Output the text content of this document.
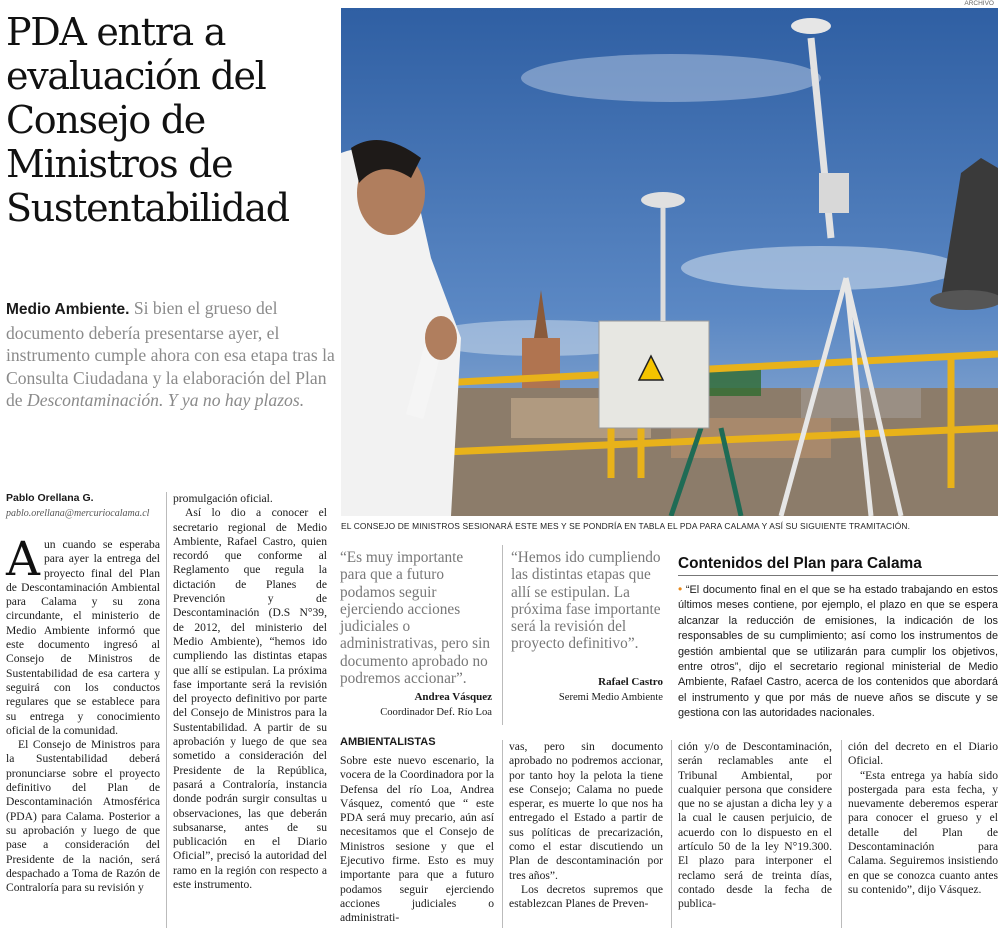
PDA entra a evaluación del Consejo de Ministros de Sustentabilidad

Medio Ambiente. Si bien el grueso del documento debería presentarse ayer, el instrumento cumple ahora con esa etapa tras la Consulta Ciudadana y la elaboración del Plan de Descontaminación. Y ya no hay plazos.

ARCHIVO
EL CONSEJO DE MINISTROS SESIONARÁ ESTE MES Y SE PONDRÍA EN TABLA EL PDA PARA CALAMA Y ASÍ SU SIGUIENTE TRAMITACIÓN.
Pablo Orellana G.
pablo.orellana@mercuriocalama.cl

Aun cuando se esperaba para ayer la entrega del proyecto final del Plan de Descontaminación Ambiental para Calama y su zona circundante, el ministerio de Medio Ambiente informó que este documento ingresó al Consejo de Ministros de Sustentabilidad de esa cartera y seguirá con los conductos regulares que se establece para su entrega y conocimiento oficial de la comunidad.

El Consejo de Ministros para la Sustentabilidad deberá pronunciarse sobre el proyecto definitivo del Plan de Descontaminación Atmosférica (PDA) para Calama. Posterior a su aprobación y luego de que pase a consideración del Presidente de la nación, será despachado a Toma de Razón de Contraloría para su revisión y

promulgación oficial.

Así lo dio a conocer el secretario regional de Medio Ambiente, Rafael Castro, quien recordó que conforme al Reglamento que regula la dictación de Planes de Prevención y de Descontaminación (D.S N°39, de 2012, del ministerio del Medio Ambiente), “hemos ido cumpliendo las distintas etapas que allí se estipulan. La próxima fase importante será la revisión del proyecto definitivo por parte del Consejo de Ministros para la Sustentabilidad. A partir de su aprobación y luego de que sea sometido a consideración del Presidente de la República, pasará a Contraloría, instancia donde podrán surgir consultas u observaciones, las que deberán subsanarse, antes de su publicación en el Diario Oficial”, precisó la autoridad del ramo en la región con respecto a este instrumento.

“Es muy importante para que a futuro podamos seguir ejerciendo acciones judiciales o administrativas, pero sin documento aprobado no podremos accionar”.
Andrea Vásquez
Coordinador Def. Río Loa
“Hemos ido cumpliendo las distintas etapas que allí se estipulan. La próxima fase importante será la revisión del proyecto definitivo”.
Rafael Castro
Seremi Medio Ambiente
Contenidos del Plan para Calama
• “El documento final en el que se ha estado trabajando en estos últimos meses contiene, por ejemplo, el plazo en que se espera alcanzar la reducción de emisiones, la indicación de los responsables de su cumplimiento; así como los instrumentos de gestión ambiental que se utilizarán para cumplir los objetivos, entre otros”, dijo el secretario regional ministerial de Medio Ambiente, Rafael Castro, acerca de los contenidos que abordará el instrumento y que por más de nueve años se discute y se gestiona con las autoridades nacionales.
AMBIENTALISTAS

Sobre este nuevo escenario, la vocera de la Coordinadora por la Defensa del río Loa, Andrea Vásquez, comentó que “ este PDA será muy precario, aún así necesitamos que el Consejo de Ministros sesione y que el Ejecutivo firme. Esto es muy importante para que a futuro podamos seguir ejerciendo acciones judiciales o administrati-

vas, pero sin documento aprobado no podremos accionar, por tanto hoy la pelota la tiene ese Consejo; Calama no puede esperar, es muerte lo que nos ha entregado el Estado a partir de sus políticas de precarización, como el estar discutiendo un Plan de descontaminación por tres años”.

Los decretos supremos que establezcan Planes de Preven-

ción y/o de Descontaminación, serán reclamables ante el Tribunal Ambiental, por cualquier persona que considere que no se ajustan a dicha ley y a la cual le causen perjuicio, de acuerdo con lo dispuesto en el artículo 50 de la ley N°19.300. El plazo para interponer el reclamo será de treinta días, contado desde la fecha de publica-

ción del decreto en el Diario Oficial.

“Esta entrega ya había sido postergada para esta fecha, y nuevamente deberemos esperar para conocer el grueso y el detalle del Plan de Descontaminación para Calama. Seguiremos insistiendo en que se conozca cuanto antes su contenido”, dijo Vásquez.
